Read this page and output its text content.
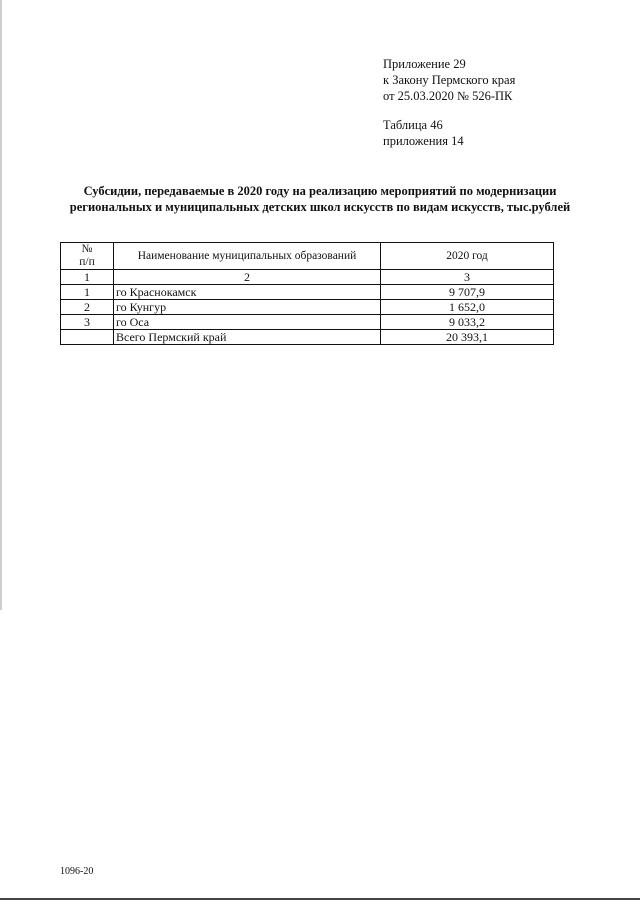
Приложение 29
к Закону Пермского края
от 25.03.2020 № 526-ПК
Таблица 46
приложения 14
Субсидии, передаваемые в 2020 году на реализацию мероприятий по модернизации
региональных и муниципальных детских школ искусств по видам искусств, тыс.рублей
№
п/п	Наименование муниципальных образований	2020 год
1	2	3
1	го Краснокамск	9 707,9
2	го Кунгур	1 652,0
3	го Оса	9 033,2
	Всего Пермский край	20 393,1
1096-20
